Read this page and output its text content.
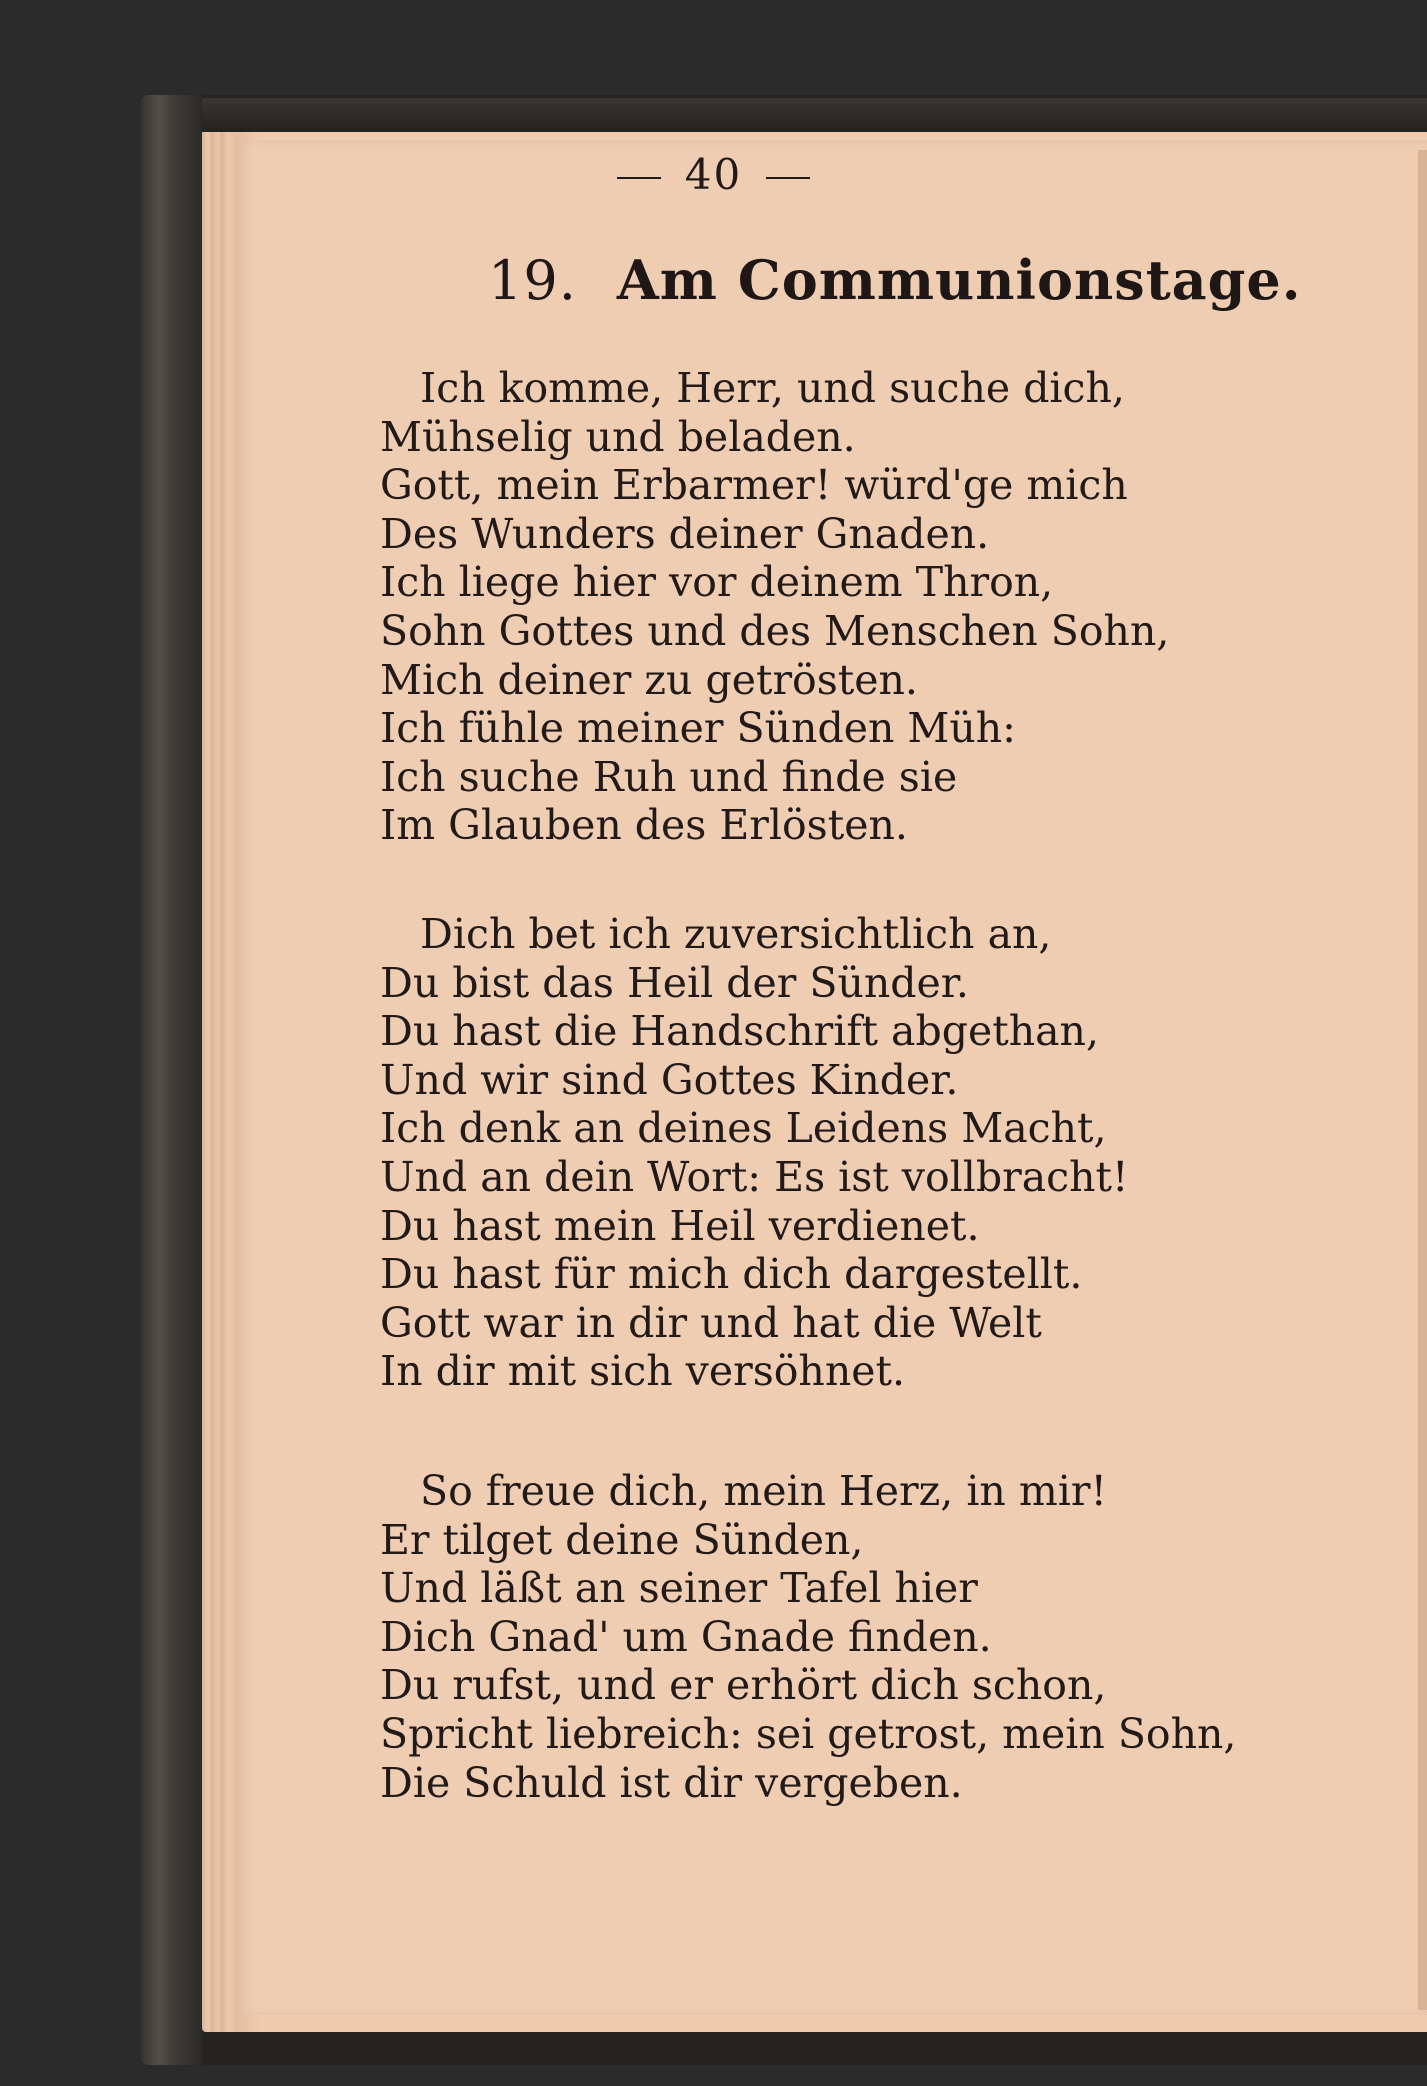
40
19. Am Communionstage.
Ich komme, Herr, und suche dich,
Mühselig und beladen.
Gott, mein Erbarmer! würd'ge mich
Des Wunders deiner Gnaden.
Ich liege hier vor deinem Thron,
Sohn Gottes und des Menschen Sohn,
Mich deiner zu getrösten.
Ich fühle meiner Sünden Müh:
Ich suche Ruh und finde sie
Im Glauben des Erlösten.
Dich bet ich zuversichtlich an,
Du bist das Heil der Sünder.
Du hast die Handschrift abgethan,
Und wir sind Gottes Kinder.
Ich denk an deines Leidens Macht,
Und an dein Wort: Es ist vollbracht!
Du hast mein Heil verdienet.
Du hast für mich dich dargestellt.
Gott war in dir und hat die Welt
In dir mit sich versöhnet.
So freue dich, mein Herz, in mir!
Er tilget deine Sünden,
Und läßt an seiner Tafel hier
Dich Gnad' um Gnade finden.
Du rufst, und er erhört dich schon,
Spricht liebreich: sei getrost, mein Sohn,
Die Schuld ist dir vergeben.
